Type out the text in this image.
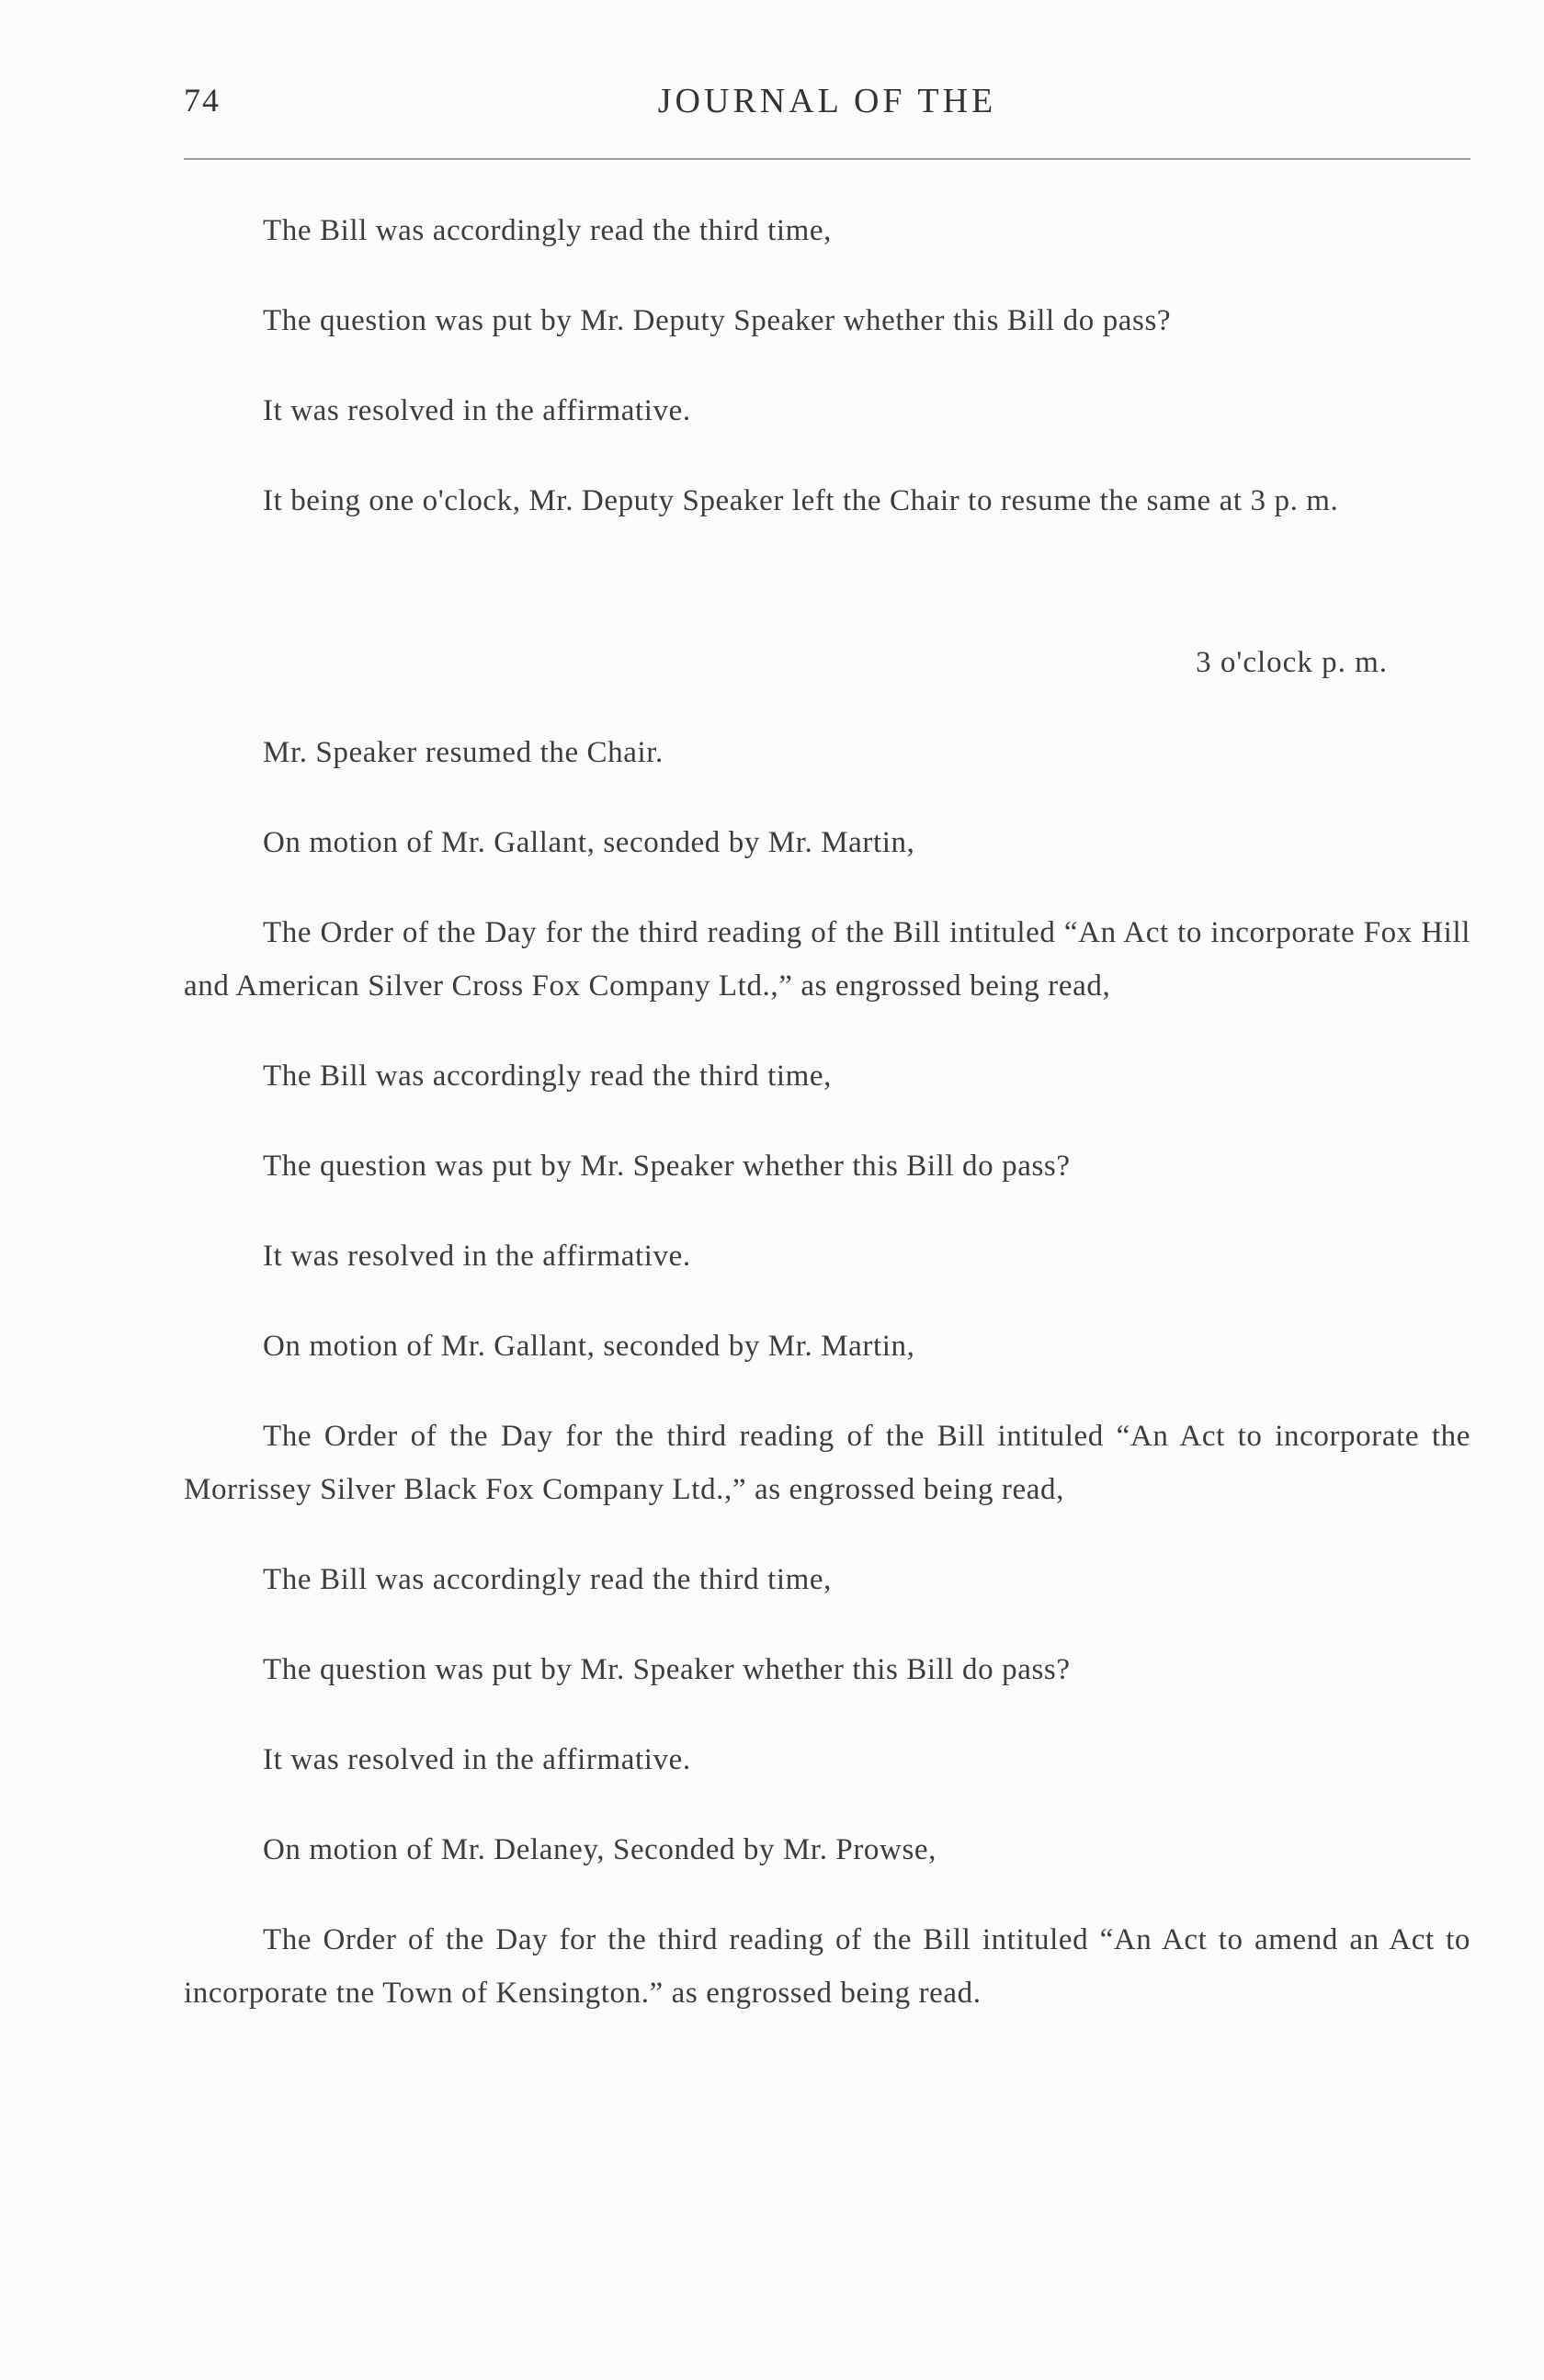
74	JOURNAL OF THE

The Bill was accordingly read the third time,

The question was put by Mr. Deputy Speaker whether this Bill do pass?

It was resolved in the affirmative.

It being one o'clock, Mr. Deputy Speaker left the Chair to resume the same at 3 p. m.

3 o'clock p. m.

Mr. Speaker resumed the Chair.

On motion of Mr. Gallant, seconded by Mr. Martin,

The Order of the Day for the third reading of the Bill intituled “An Act to incorporate Fox Hill and American Silver Cross Fox Company Ltd.,” as engrossed being read,

The Bill was accordingly read the third time,

The question was put by Mr. Speaker whether this Bill do pass?

It was resolved in the affirmative.

On motion of Mr. Gallant, seconded by Mr. Martin,

The Order of the Day for the third reading of the Bill intituled “An Act to incorporate the Morrissey Silver Black Fox Company Ltd.,” as engrossed being read,

The Bill was accordingly read the third time,

The question was put by Mr. Speaker whether this Bill do pass?

It was resolved in the affirmative.

On motion of Mr. Delaney, Seconded by Mr. Prowse,

The Order of the Day for the third reading of the Bill intituled “An Act to amend an Act to incorporate tne Town of Kensington.” as engrossed being read.
